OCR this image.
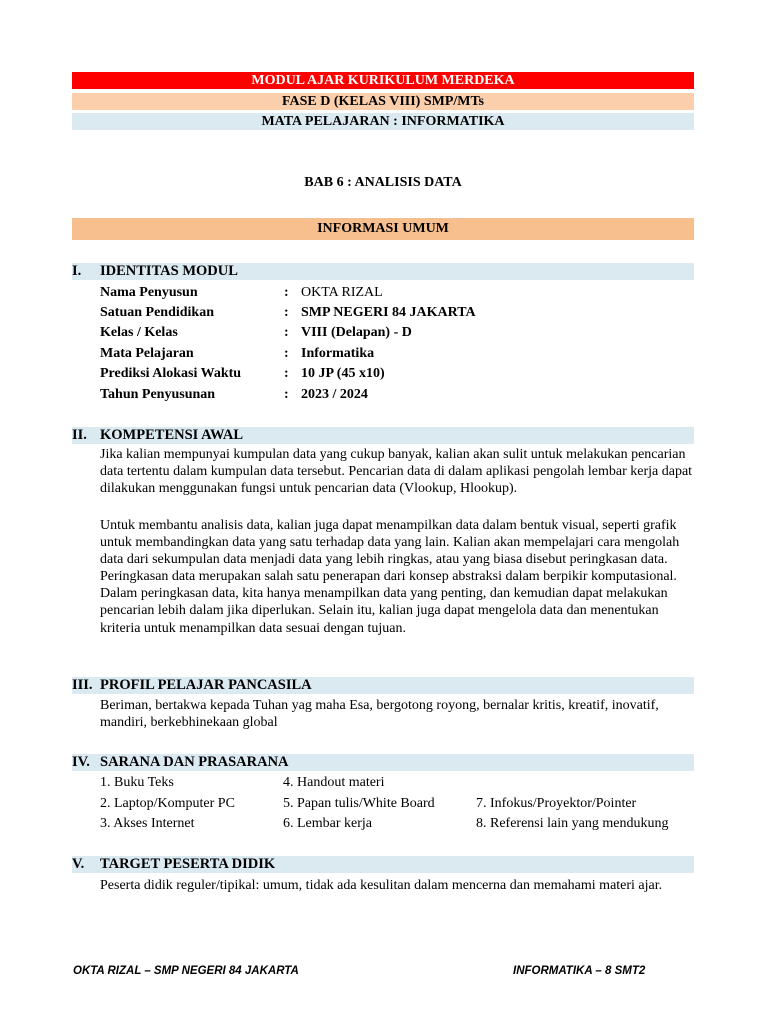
MODUL AJAR KURIKULUM MERDEKA
FASE D (KELAS VIII) SMP/MTs
MATA PELAJARAN : INFORMATIKA
BAB 6 : ANALISIS DATA
INFORMASI UMUM
I. IDENTITAS MODUL
Nama Penyusun	: OKTA RIZAL
Satuan Pendidikan	: SMP NEGERI 84 JAKARTA
Kelas / Kelas	: VIII (Delapan) - D
Mata Pelajaran	: Informatika
Prediksi Alokasi Waktu	: 10 JP (45 x10)
Tahun Penyusunan	: 2023 / 2024
II. KOMPETENSI AWAL
Jika kalian mempunyai kumpulan data yang cukup banyak, kalian akan sulit untuk melakukan pencarian data tertentu dalam kumpulan data tersebut. Pencarian data di dalam aplikasi pengolah lembar kerja dapat dilakukan menggunakan fungsi untuk pencarian data (Vlookup, Hlookup).
Untuk membantu analisis data, kalian juga dapat menampilkan data dalam bentuk visual, seperti grafik untuk membandingkan data yang satu terhadap data yang lain. Kalian akan mempelajari cara mengolah data dari sekumpulan data menjadi data yang lebih ringkas, atau yang biasa disebut peringkasan data. Peringkasan data merupakan salah satu penerapan dari konsep abstraksi dalam berpikir komputasional. Dalam peringkasan data, kita hanya menampilkan data yang penting, dan kemudian dapat melakukan pencarian lebih dalam jika diperlukan. Selain itu, kalian juga dapat mengelola data dan menentukan kriteria untuk menampilkan data sesuai dengan tujuan.
III. PROFIL PELAJAR PANCASILA
Beriman, bertakwa kepada Tuhan yag maha Esa, bergotong royong, bernalar kritis, kreatif, inovatif, mandiri, berkebhinekaan global
IV. SARANA DAN PRASARANA
1. Buku Teks
2. Laptop/Komputer PC
3. Akses Internet
4. Handout materi
5. Papan tulis/White Board
6. Lembar kerja
7. Infokus/Proyektor/Pointer
8. Referensi lain yang mendukung
V. TARGET PESERTA DIDIK
Peserta didik reguler/tipikal: umum, tidak ada kesulitan dalam mencerna dan memahami materi ajar.
OKTA RIZAL – SMP NEGERI 84 JAKARTA	INFORMATIKA – 8 SMT2
